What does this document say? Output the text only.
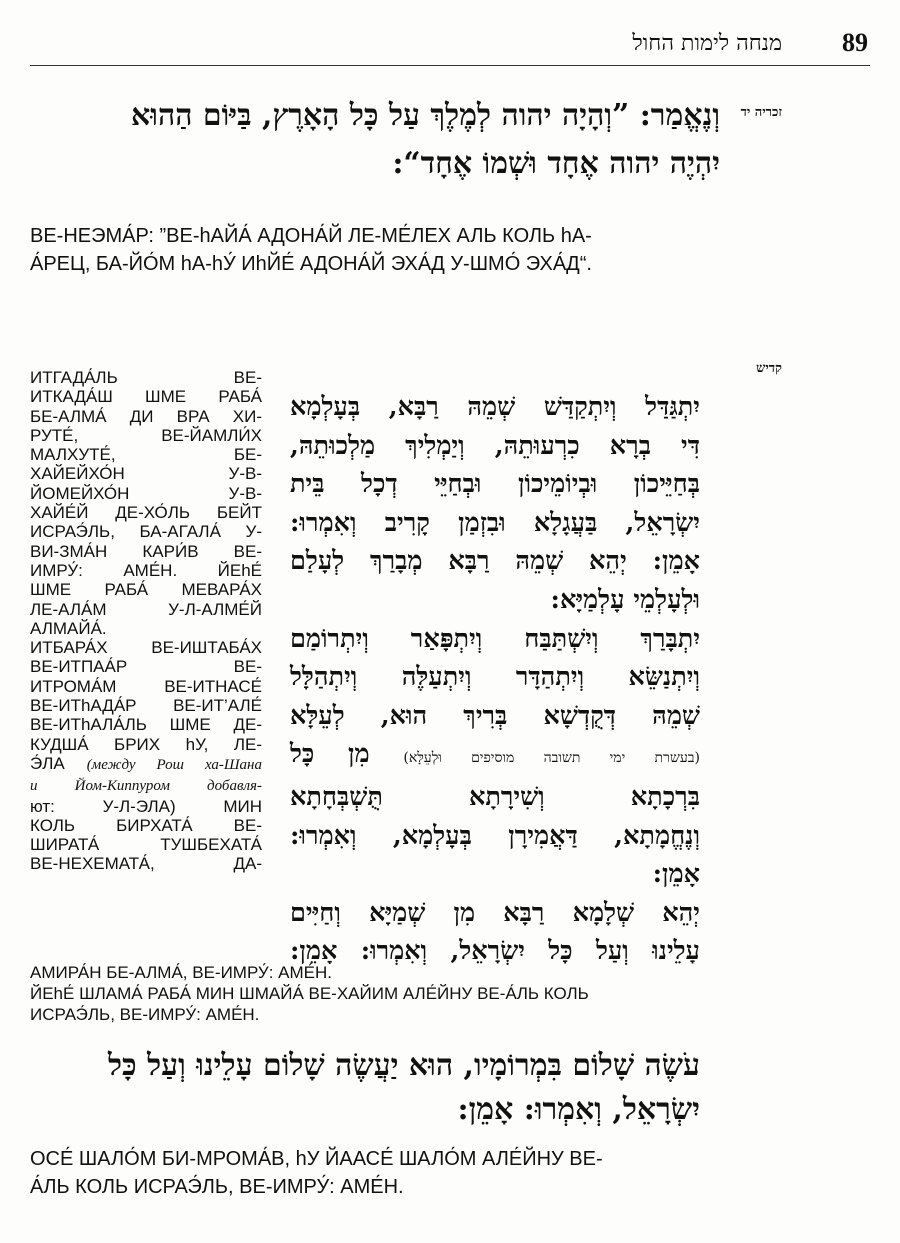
89
מנחה לימות החול
זכריה יד
וְנֶאֱמַר: ”וְהָיָה יהוה לְמֶלֶךְ עַל כָּל הָאָרֶץ, בַּיּוֹם הַהוּא
יִהְיֶה יהוה אֶחָד וּשְׁמוֹ אֶחָד“:
ВЕ-НЕЭМА́Р: ”ВЕ-hАЙА́ АДОНА́Й ЛЕ-МЕ́ЛЕХ АЛЬ КОЛЬ hА-
А́РЕЦ, БА-ЙО́М hА-hУ́ ИhЙЕ́ АДОНА́Й ЭХА́Д У-ШМО́ ЭХА́Д“.
קדיש
ИТГАДА́ЛЬ ВЕ-
ИТКАДА́Ш ШМЕ РАБА́
БЕ-АЛМА́ ДИ ВРА ХИ-
РУТЕ́, ВЕ-ЙАМЛИ́Х
МАЛХУТЕ́, БЕ-
ХАЙЕЙХО́Н У-В-
ЙОМЕЙХО́Н У-В-
ХАЙЕ́Й ДЕ-ХО́ЛЬ БЕЙТ
ИСРАЭ́ЛЬ, БА-АГАЛА́ У-
ВИ-ЗМА́Н КАРИ́В ВЕ-
ИМРУ́: АМЕ́Н. ЙЕhЕ́
ШМЕ РАБА́ МЕВАРА́Х
ЛЕ-АЛА́М У-Л-АЛМЕ́Й
АЛМАЙА́.
ИТБАРА́Х ВЕ-ИШТАБА́Х
ВЕ-ИТПАА́Р ВЕ-
ИТРОМА́М ВЕ-ИТНАСЕ́
ВЕ-ИТhАДА́Р ВЕ-ИТ’АЛЕ́
ВЕ-ИТhАЛА́ЛЬ ШМЕ ДЕ-
КУДША́ БРИХ hУ, ЛЕ-
Э́ЛА (между Рош ха-Шана
и Йом-Киппуром добавля-
ют: У-Л-ЭЛА) МИН
КОЛЬ БИРХАТА́ ВЕ-
ШИРАТА́ ТУШБЕХАТА́
ВЕ-НЕХЕМАТА́, ДА-
יִתְגַּדַּל וְיִתְקַדַּשׁ שְׁמֵהּ רַבָּא, בְּעָלְמָא
דִּי בְרָא כִרְעוּתֵהּ, וְיַמְלִיךְ מַלְכוּתֵהּ,
בְּחַיֵּיכוֹן וּבְיוֹמֵיכוֹן וּבְחַיֵּי דְכָל בֵּית
יִשְׂרָאֵל, בַּעֲגָלָא וּבִזְמַן קָרִיב וְאִמְרוּ:
אָמֵן: יְהֵא שְׁמֵהּ רַבָּא מְבָרַךְ לְעָלַם
וּלְעָלְמֵי עָלְמַיָּא:
יִתְבָּרַךְ וְיִשְׁתַּבַּח וְיִתְפָּאַר וְיִתְרוֹמַם
וְיִתְנַשֵּׂא וְיִתְהַדָּר וְיִתְעַלֶּה וְיִתְהַלָּל
שְׁמֵהּ דְּקֻדְשָׁא בְּרִיךְ הוּא, לְעֵלָּא
(בעשרת ימי תשובה מוסיפים וּלְעֵלָּא) מִן כָּל
בִּרְכָתָא וְשִׁירָתָא תֻּשְׁבְּחָתָא
וְנֶחֱמָתָא, דַּאֲמִירָן בְּעָלְמָא, וְאִמְרוּ:
אָמֵן:
יְהֵא שְׁלָמָא רַבָּא מִן שְׁמַיָּא וְחַיִּים
עָלֵינוּ וְעַל כָּל יִשְׂרָאֵל, וְאִמְרוּ: אָמֵן:
АМИРА́Н БЕ-АЛМА́, ВЕ-ИМРУ́: АМЕ́Н.
ЙЕhЕ́ ШЛАМА́ РАБА́ МИН ШМАЙА́ ВЕ-ХАЙИМ АЛЕ́ЙНУ ВЕ-А́ЛЬ КОЛЬ
ИСРАЭ́ЛЬ, ВЕ-ИМРУ́: АМЕ́Н.
עֹשֶׂה שָׁלוֹם בִּמְרוֹמָיו, הוּא יַעֲשֶׂה שָׁלוֹם עָלֵינוּ וְעַל כָּל
יִשְׂרָאֵל, וְאִמְרוּ: אָמֵן:
ОСЕ́ ШАЛО́М БИ-МРОМА́В, hУ ЙААСЕ́ ШАЛО́М АЛЕ́ЙНУ ВЕ-
А́ЛЬ КОЛЬ ИСРАЭ́ЛЬ, ВЕ-ИМРУ́: АМЕ́Н.
